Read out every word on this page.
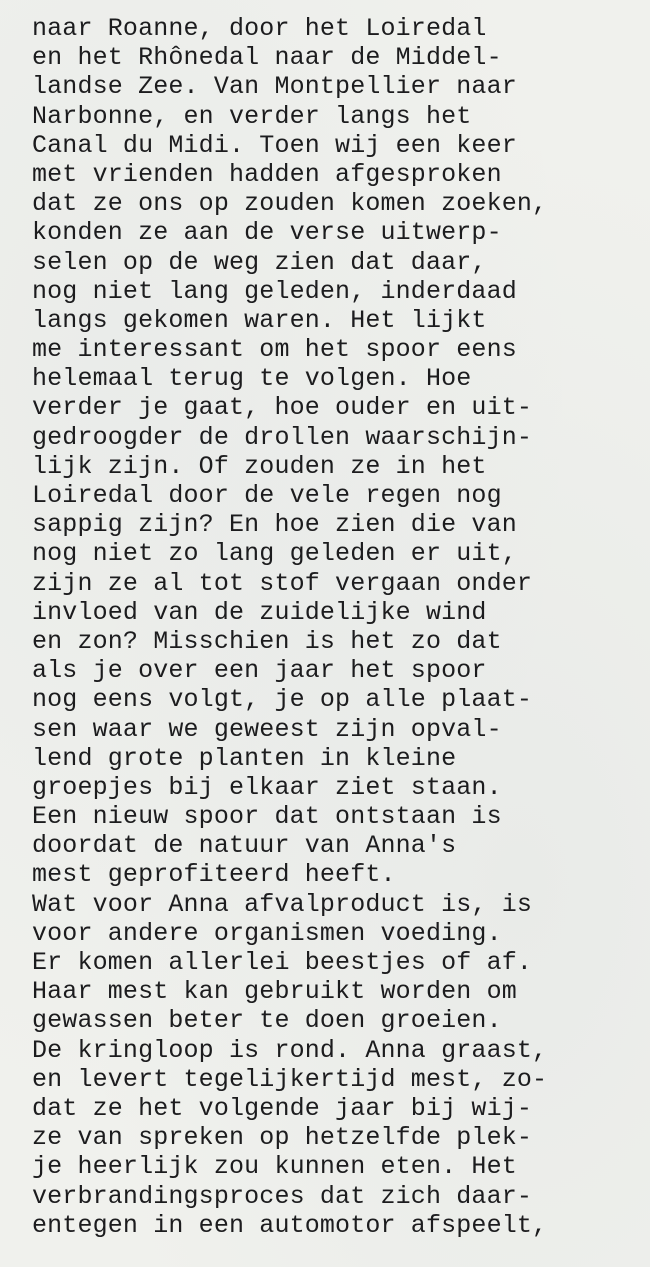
naar Roanne, door het Loiredal
en het Rhônedal naar de Middel-
landse Zee. Van Montpellier naar
Narbonne, en verder langs het
Canal du Midi. Toen wij een keer
met vrienden hadden afgesproken
dat ze ons op zouden komen zoeken,
konden ze aan de verse uitwerp-
selen op de weg zien dat daar,
nog niet lang geleden, inderdaad
langs gekomen waren. Het lijkt
me interessant om het spoor eens
helemaal terug te volgen. Hoe
verder je gaat, hoe ouder en uit-
gedroogder de drollen waarschijn-
lijk zijn. Of zouden ze in het
Loiredal door de vele regen nog
sappig zijn? En hoe zien die van
nog niet zo lang geleden er uit,
zijn ze al tot stof vergaan onder
invloed van de zuidelijke wind
en zon? Misschien is het zo dat
als je over een jaar het spoor
nog eens volgt, je op alle plaat-
sen waar we geweest zijn opval-
lend grote planten in kleine
groepjes bij elkaar ziet staan.
Een nieuw spoor dat ontstaan is
doordat de natuur van Anna's
mest geprofiteerd heeft.
Wat voor Anna afvalproduct is, is
voor andere organismen voeding.
Er komen allerlei beestjes of af.
Haar mest kan gebruikt worden om
gewassen beter te doen groeien.
De kringloop is rond. Anna graast,
en levert tegelijkertijd mest, zo-
dat ze het volgende jaar bij wij-
ze van spreken op hetzelfde plek-
je heerlijk zou kunnen eten. Het
verbrandingsproces dat zich daar-
entegen in een automotor afspeelt,
